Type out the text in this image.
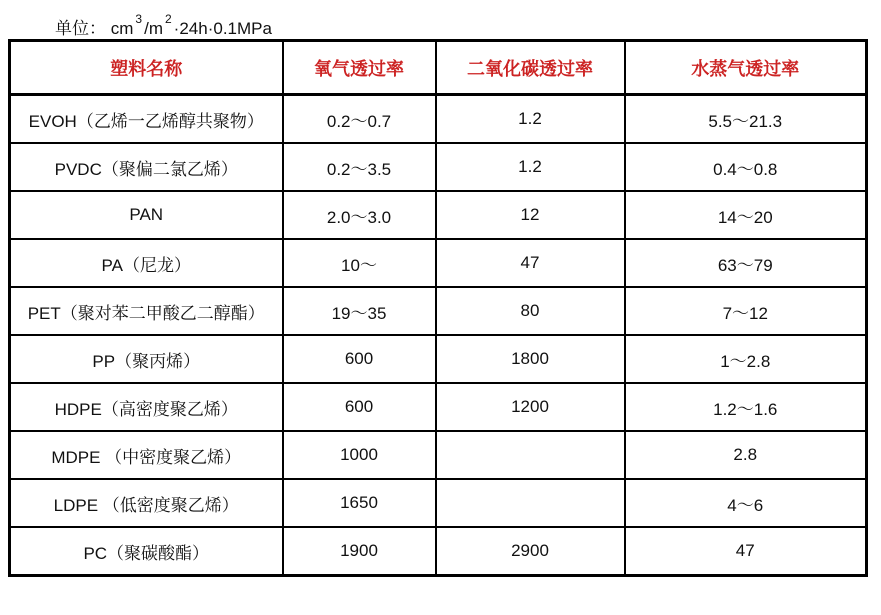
单位： cm 3 /m 2 ·24h·0.1MPa
塑料名称	氧气透过率	二氧化碳透过率	水蒸气透过率
EVOH（乙烯一乙烯醇共聚物）	0.2～0.7	1.2	5.5～21.3
PVDC（聚偏二氯乙烯）	0.2～3.5	1.2	0.4～0.8
PAN	2.0～3.0	12	14～20
PA（尼龙）	10～	47	63～79
PET（聚对苯二甲酸乙二醇酯）	19～35	80	7～12
PP（聚丙烯）	600	1800	1～2.8
HDPE（高密度聚乙烯）	600	1200	1.2～1.6
MDPE （中密度聚乙烯）	1000		2.8
LDPE （低密度聚乙烯）	1650		4～6
PC（聚碳酸酯）	1900	2900	47
